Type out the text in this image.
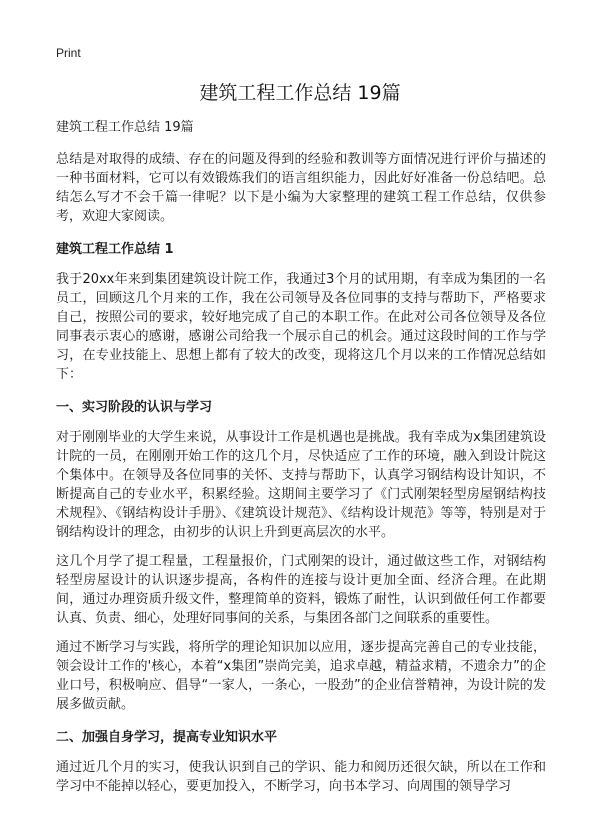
Print
建筑工程工作总结 19篇

建筑工程工作总结 19篇

总结是对取得的成绩、存在的问题及得到的经验和教训等方面情况进行评价与描述的一种书面材料，它可以有效锻炼我们的语言组织能力，因此好好准备一份总结吧。总结怎么写才不会千篇一律呢？以下是小编为大家整理的建筑工程工作总结，仅供参考，欢迎大家阅读。

建筑工程工作总结 1

我于20xx年来到集团建筑设计院工作，我通过3个月的试用期，有幸成为集团的一名员工，回顾这几个月来的工作，我在公司领导及各位同事的支持与帮助下，严格要求自己，按照公司的要求，较好地完成了自己的本职工作。在此对公司各位领导及各位同事表示衷心的感谢，感谢公司给我一个展示自己的机会。通过这段时间的工作与学习，在专业技能上、思想上都有了较大的改变，现将这几个月以来的工作情况总结如下：

一、实习阶段的认识与学习

对于刚刚毕业的大学生来说，从事设计工作是机遇也是挑战。我有幸成为x集团建筑设计院的一员，在刚刚开始工作的这几个月，尽快适应了工作的环境，融入到设计院这个集体中。在领导及各位同事的关怀、支持与帮助下，认真学习钢结构设计知识，不断提高自己的专业水平，积累经验。这期间主要学习了《门式刚架轻型房屋钢结构技术规程》、《钢结构设计手册》、《建筑设计规范》、《结构设计规范》等等，特别是对于钢结构设计的理念，由初步的认识上升到更高层次的水平。

这几个月学了提工程量，工程量报价，门式刚架的设计，通过做这些工作，对钢结构轻型房屋设计的认识逐步提高，各构件的连接与设计更加全面、经济合理。在此期间，通过办理资质升级文件，整理简单的资料，锻炼了耐性，认识到做任何工作都要认真、负责、细心，处理好同事间的关系，与集团各部门之间联系的重要性。

通过不断学习与实践，将所学的理论知识加以应用，逐步提高完善自己的专业技能，领会设计工作的'核心，本着“x集团”崇尚完美，追求卓越，精益求精，不遗余力”的企业口号，积极响应、倡导“一家人，一条心，一股劲”的企业信誉精神，为设计院的发展多做贡献。

二、加强自身学习，提高专业知识水平

通过近几个月的实习，使我认识到自己的学识、能力和阅历还很欠缺，所以在工作和学习中不能掉以轻心，要更加投入，不断学习，向书本学习、向周围的领导学习
